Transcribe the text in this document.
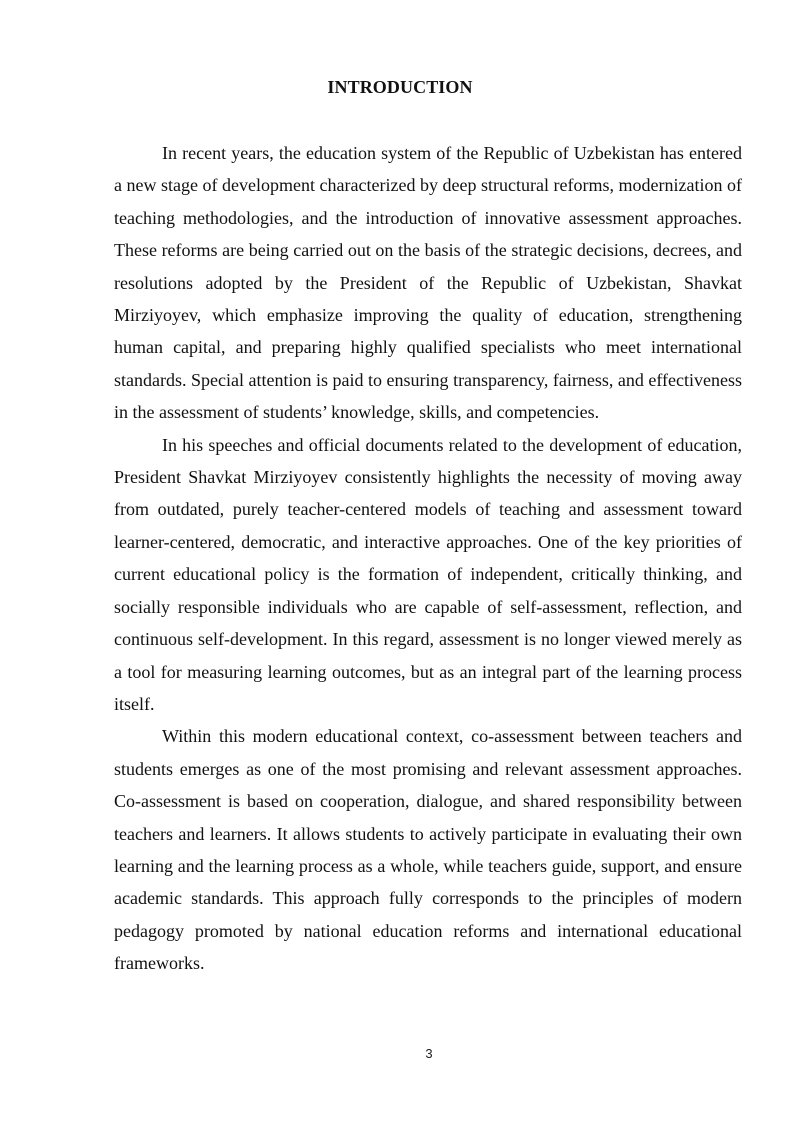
INTRODUCTION

In recent years, the education system of the Republic of Uzbekistan has entered a new stage of development characterized by deep structural reforms, modernization of teaching methodologies, and the introduction of innovative assessment approaches. These reforms are being carried out on the basis of the strategic decisions, decrees, and resolutions adopted by the President of the Republic of Uzbekistan, Shavkat Mirziyoyev, which emphasize improving the quality of education, strengthening human capital, and preparing highly qualified specialists who meet international standards. Special attention is paid to ensuring transparency, fairness, and effectiveness in the assessment of students’ knowledge, skills, and competencies.

In his speeches and official documents related to the development of education, President Shavkat Mirziyoyev consistently highlights the necessity of moving away from outdated, purely teacher-centered models of teaching and assessment toward learner-centered, democratic, and interactive approaches. One of the key priorities of current educational policy is the formation of independent, critically thinking, and socially responsible individuals who are capable of self-assessment, reflection, and continuous self-development. In this regard, assessment is no longer viewed merely as a tool for measuring learning outcomes, but as an integral part of the learning process itself.

Within this modern educational context, co-assessment between teachers and students emerges as one of the most promising and relevant assessment approaches. Co-assessment is based on cooperation, dialogue, and shared responsibility between teachers and learners. It allows students to actively participate in evaluating their own learning and the learning process as a whole, while teachers guide, support, and ensure academic standards. This approach fully corresponds to the principles of modern pedagogy promoted by national education reforms and international educational frameworks.

3
